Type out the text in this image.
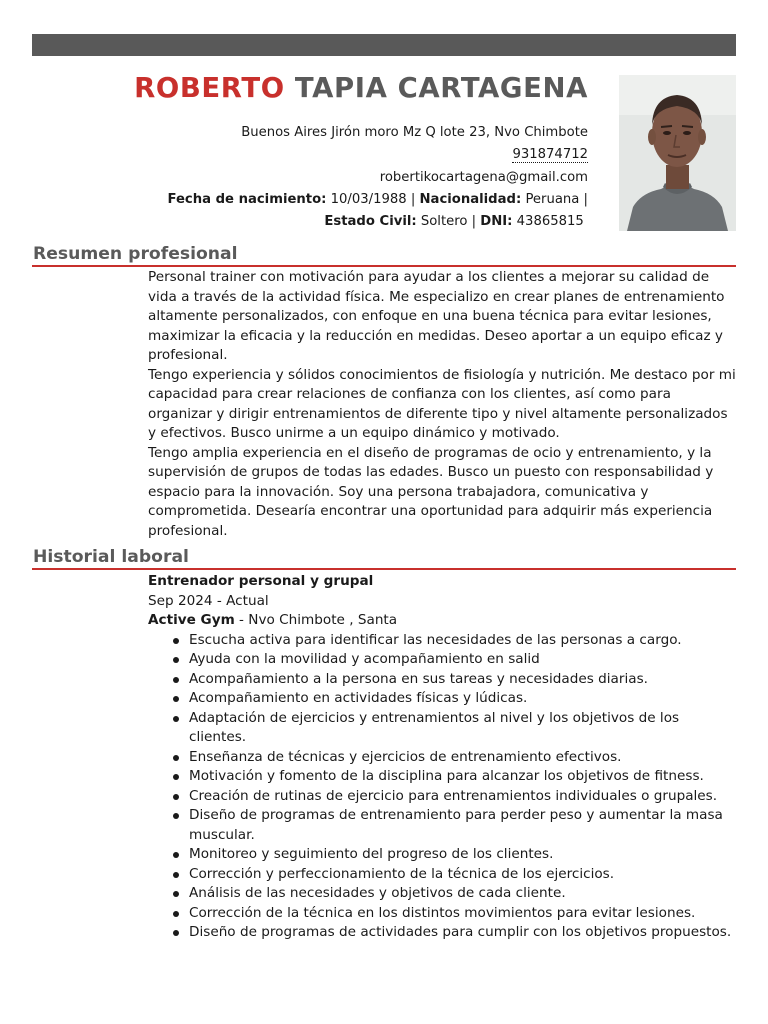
ROBERTO TAPIA CARTAGENA
Buenos Aires Jirón moro Mz Q lote 23, Nvo Chimbote
931874712
robertikocartagena@gmail.com
Fecha de nacimiento: 10/03/1988 | Nacionalidad: Peruana |
Estado Civil: Soltero | DNI: 43865815
Resumen profesional

Personal trainer con motivación para ayudar a los clientes a mejorar su calidad de vida a través de la actividad física. Me especializo en crear planes de entrenamiento altamente personalizados, con enfoque en una buena técnica para evitar lesiones, maximizar la eficacia y la reducción en medidas. Deseo aportar a un equipo eficaz y profesional.

Tengo experiencia y sólidos conocimientos de fisiología y nutrición. Me destaco por mi capacidad para crear relaciones de confianza con los clientes, así como para organizar y dirigir entrenamientos de diferente tipo y nivel altamente personalizados y efectivos. Busco unirme a un equipo dinámico y motivado.

Tengo amplia experiencia en el diseño de programas de ocio y entrenamiento, y la supervisión de grupos de todas las edades. Busco un puesto con responsabilidad y espacio para la innovación. Soy una persona trabajadora, comunicativa y comprometida. Desearía encontrar una oportunidad para adquirir más experiencia profesional.

Historial laboral
Entrenador personal y grupal
Sep 2024 - Actual
Active Gym - Nvo Chimbote , Santa
Escucha activa para identificar las necesidades de las personas a cargo.
Ayuda con la movilidad y acompañamiento en salid
Acompañamiento a la persona en sus tareas y necesidades diarias.
Acompañamiento en actividades físicas y lúdicas.
Adaptación de ejercicios y entrenamientos al nivel y los objetivos de los clientes.
Enseñanza de técnicas y ejercicios de entrenamiento efectivos.
Motivación y fomento de la disciplina para alcanzar los objetivos de fitness.
Creación de rutinas de ejercicio para entrenamientos individuales o grupales.
Diseño de programas de entrenamiento para perder peso y aumentar la masa muscular.
Monitoreo y seguimiento del progreso de los clientes.
Corrección y perfeccionamiento de la técnica de los ejercicios.
Análisis de las necesidades y objetivos de cada cliente.
Corrección de la técnica en los distintos movimientos para evitar lesiones.
Diseño de programas de actividades para cumplir con los objetivos propuestos.
